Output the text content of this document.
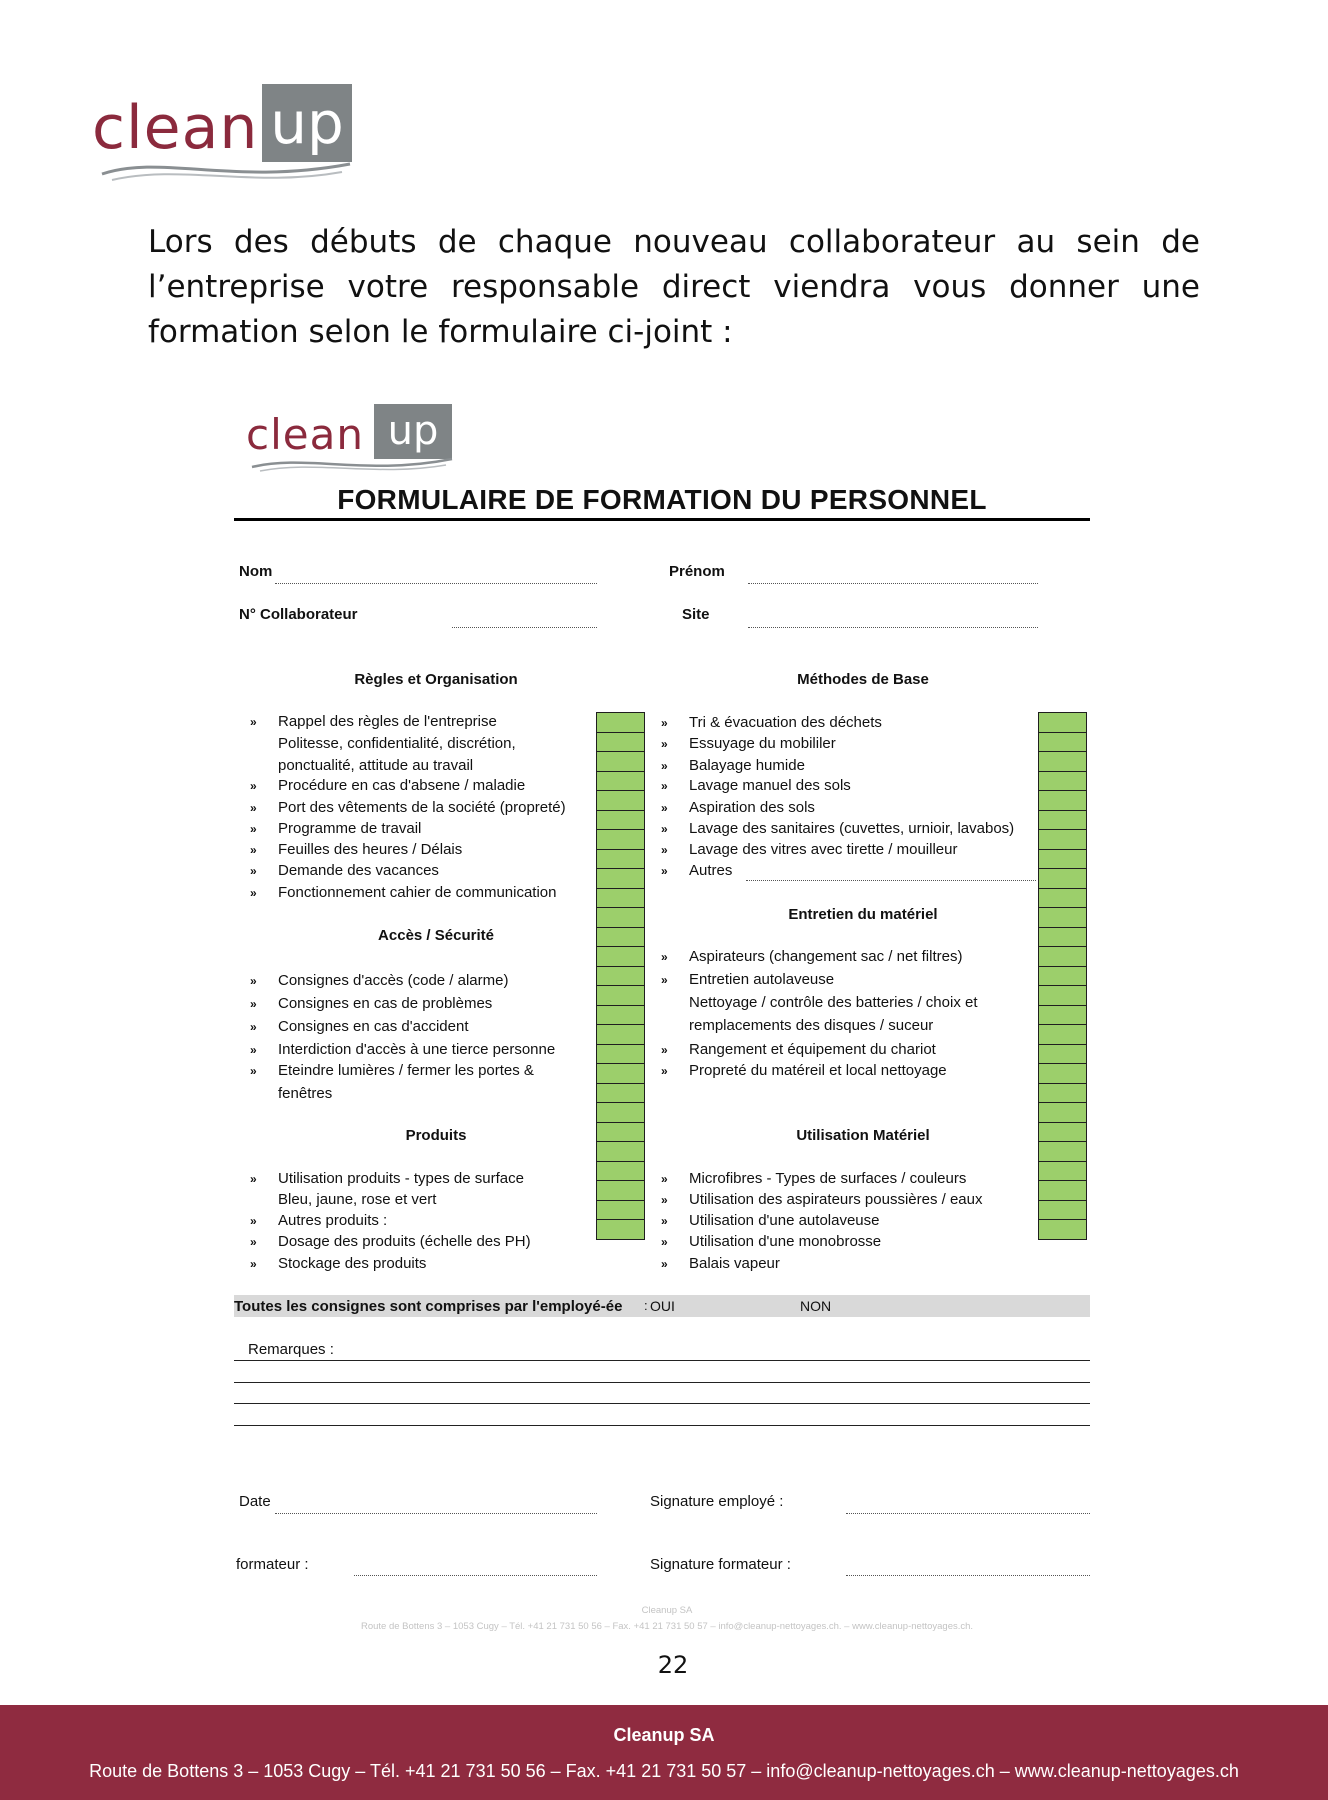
clean up
Lors des débuts de chaque nouveau collaborateur au sein de l’entreprise votre responsable direct viendra vous donner une formation selon le formulaire ci-joint :
clean up
FORMULAIRE DE FORMATION DU PERSONNEL
Nom	Prénom
N° Collaborateur	Site
Règles et Organisation	Méthodes de Base
Accès / Sécurité
Entretien du matériel
Produits	Utilisation Matériel
» Rappel des règles de l'entreprise
Politesse, confidentialité, discrétion,
ponctualité, attitude au travail
» Procédure en cas d'absene / maladie
» Port des vêtements de la société (propreté)
» Programme de travail
» Feuilles des heures / Délais
» Demande des vacances
» Fonctionnement cahier de communication
» Consignes d'accès (code / alarme)
» Consignes en cas de problèmes
» Consignes en cas d'accident
» Interdiction d'accès à une tierce personne
» Eteindre lumières / fermer les portes &
fenêtres
» Utilisation produits - types de surface
Bleu, jaune, rose et vert
» Autres produits :
» Dosage des produits (échelle des PH)
» Stockage des produits
» Tri & évacuation des déchets
» Essuyage du mobililer
» Balayage humide
» Lavage manuel des sols
» Aspiration des sols
» Lavage des sanitaires (cuvettes, urnioir, lavabos)
» Lavage des vitres avec tirette / mouilleur
» Autres
» Aspirateurs (changement sac / net filtres)
» Entretien autolaveuse
Nettoyage / contrôle des batteries / choix et
remplacements des disques / suceur
» Rangement et équipement du chariot
» Propreté du matéreil et local nettoyage
» Microfibres - Types de surfaces / couleurs
» Utilisation des aspirateurs poussières / eaux
» Utilisation d'une autolaveuse
» Utilisation d'une monobrosse
» Balais vapeur
Toutes les consignes sont comprises par l'employé-ée : OUI	NON
Remarques :
Date	Signature employé :
formateur :	Signature formateur :
Cleanup SA
Route de Bottens 3 – 1053 Cugy – Tél. +41 21 731 50 56 – Fax. +41 21 731 50 57 – info@cleanup-nettoyages.ch. – www.cleanup-nettoyages.ch.
22
Cleanup SA
Route de Bottens 3 – 1053 Cugy – Tél. +41 21 731 50 56 – Fax. +41 21 731 50 57 – info@cleanup-nettoyages.ch – www.cleanup-nettoyages.ch
